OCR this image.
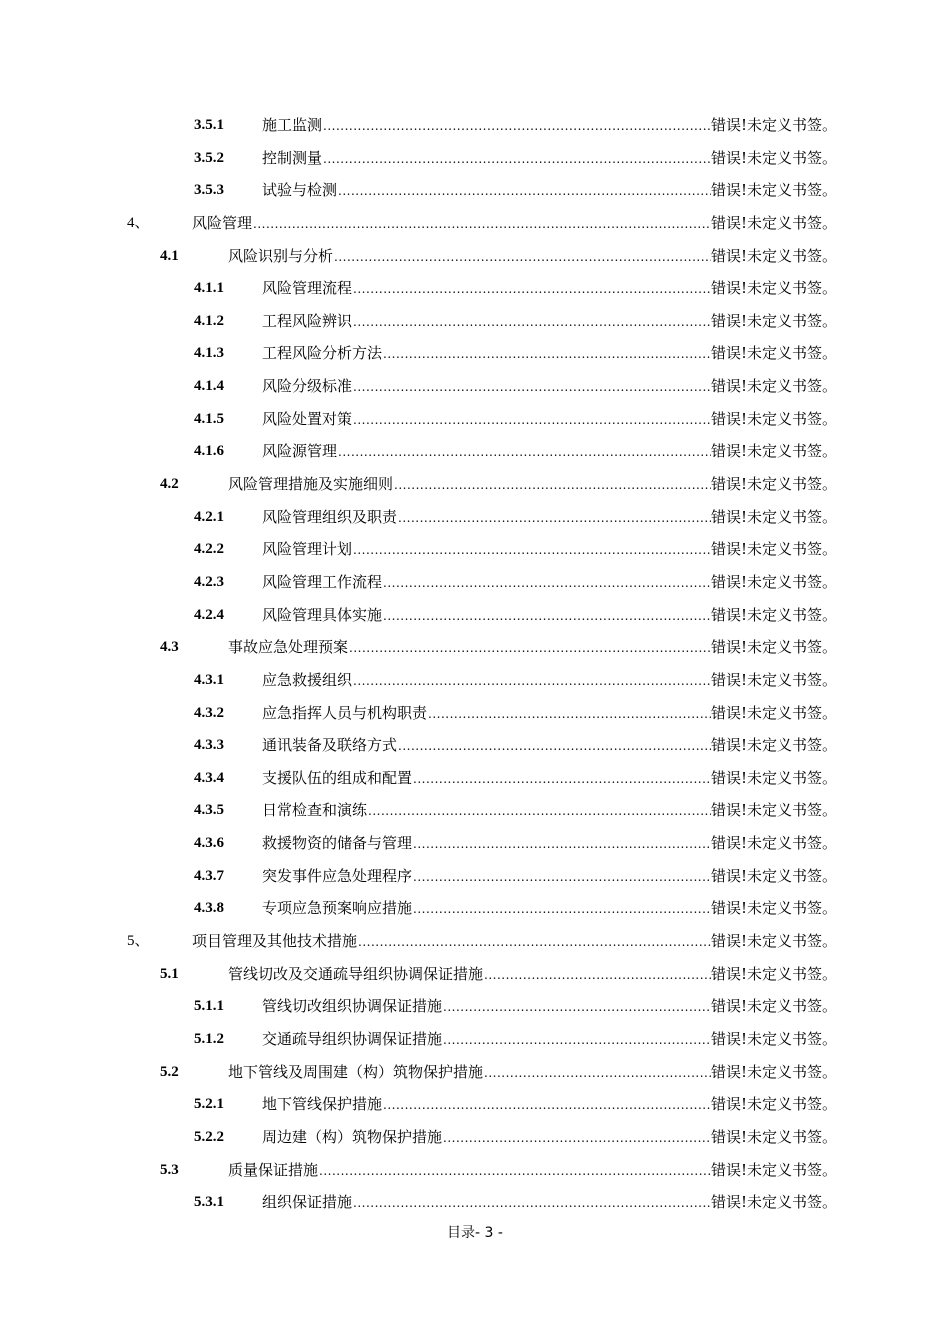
3.5.1	施工监测 .....	错误!未定义书签。
3.5.2	控制测量 .....	错误!未定义书签。
3.5.3	试验与检测 .....	错误!未定义书签。
4、	风险管理 .....	错误!未定义书签。
4.1	风险识别与分析 .....	错误!未定义书签。
4.1.1	风险管理流程 .....	错误!未定义书签。
4.1.2	工程风险辨识 .....	错误!未定义书签。
4.1.3	工程风险分析方法 .....	错误!未定义书签。
4.1.4	风险分级标准 .....	错误!未定义书签。
4.1.5	风险处置对策 .....	错误!未定义书签。
4.1.6	风险源管理 .....	错误!未定义书签。
4.2	风险管理措施及实施细则 .....	错误!未定义书签。
4.2.1	风险管理组织及职责 .....	错误!未定义书签。
4.2.2	风险管理计划 .....	错误!未定义书签。
4.2.3	风险管理工作流程 .....	错误!未定义书签。
4.2.4	风险管理具体实施 .....	错误!未定义书签。
4.3	事故应急处理预案 .....	错误!未定义书签。
4.3.1	应急救援组织 .....	错误!未定义书签。
4.3.2	应急指挥人员与机构职责 .....	错误!未定义书签。
4.3.3	通讯装备及联络方式 .....	错误!未定义书签。
4.3.4	支援队伍的组成和配置 .....	错误!未定义书签。
4.3.5	日常检查和演练 .....	错误!未定义书签。
4.3.6	救援物资的储备与管理 .....	错误!未定义书签。
4.3.7	突发事件应急处理程序 .....	错误!未定义书签。
4.3.8	专项应急预案响应措施 .....	错误!未定义书签。
5、	项目管理及其他技术措施 .....	错误!未定义书签。
5.1	管线切改及交通疏导组织协调保证措施 .....	错误!未定义书签。
5.1.1	管线切改组织协调保证措施 .....	错误!未定义书签。
5.1.2	交通疏导组织协调保证措施 .....	错误!未定义书签。
5.2	地下管线及周围建（构）筑物保护措施 .....	错误!未定义书签。
5.2.1	地下管线保护措施 .....	错误!未定义书签。
5.2.2	周边建（构）筑物保护措施 .....	错误!未定义书签。
5.3	质量保证措施 .....	错误!未定义书签。
5.3.1	组织保证措施 .....	错误!未定义书签。
目录- 3 -
